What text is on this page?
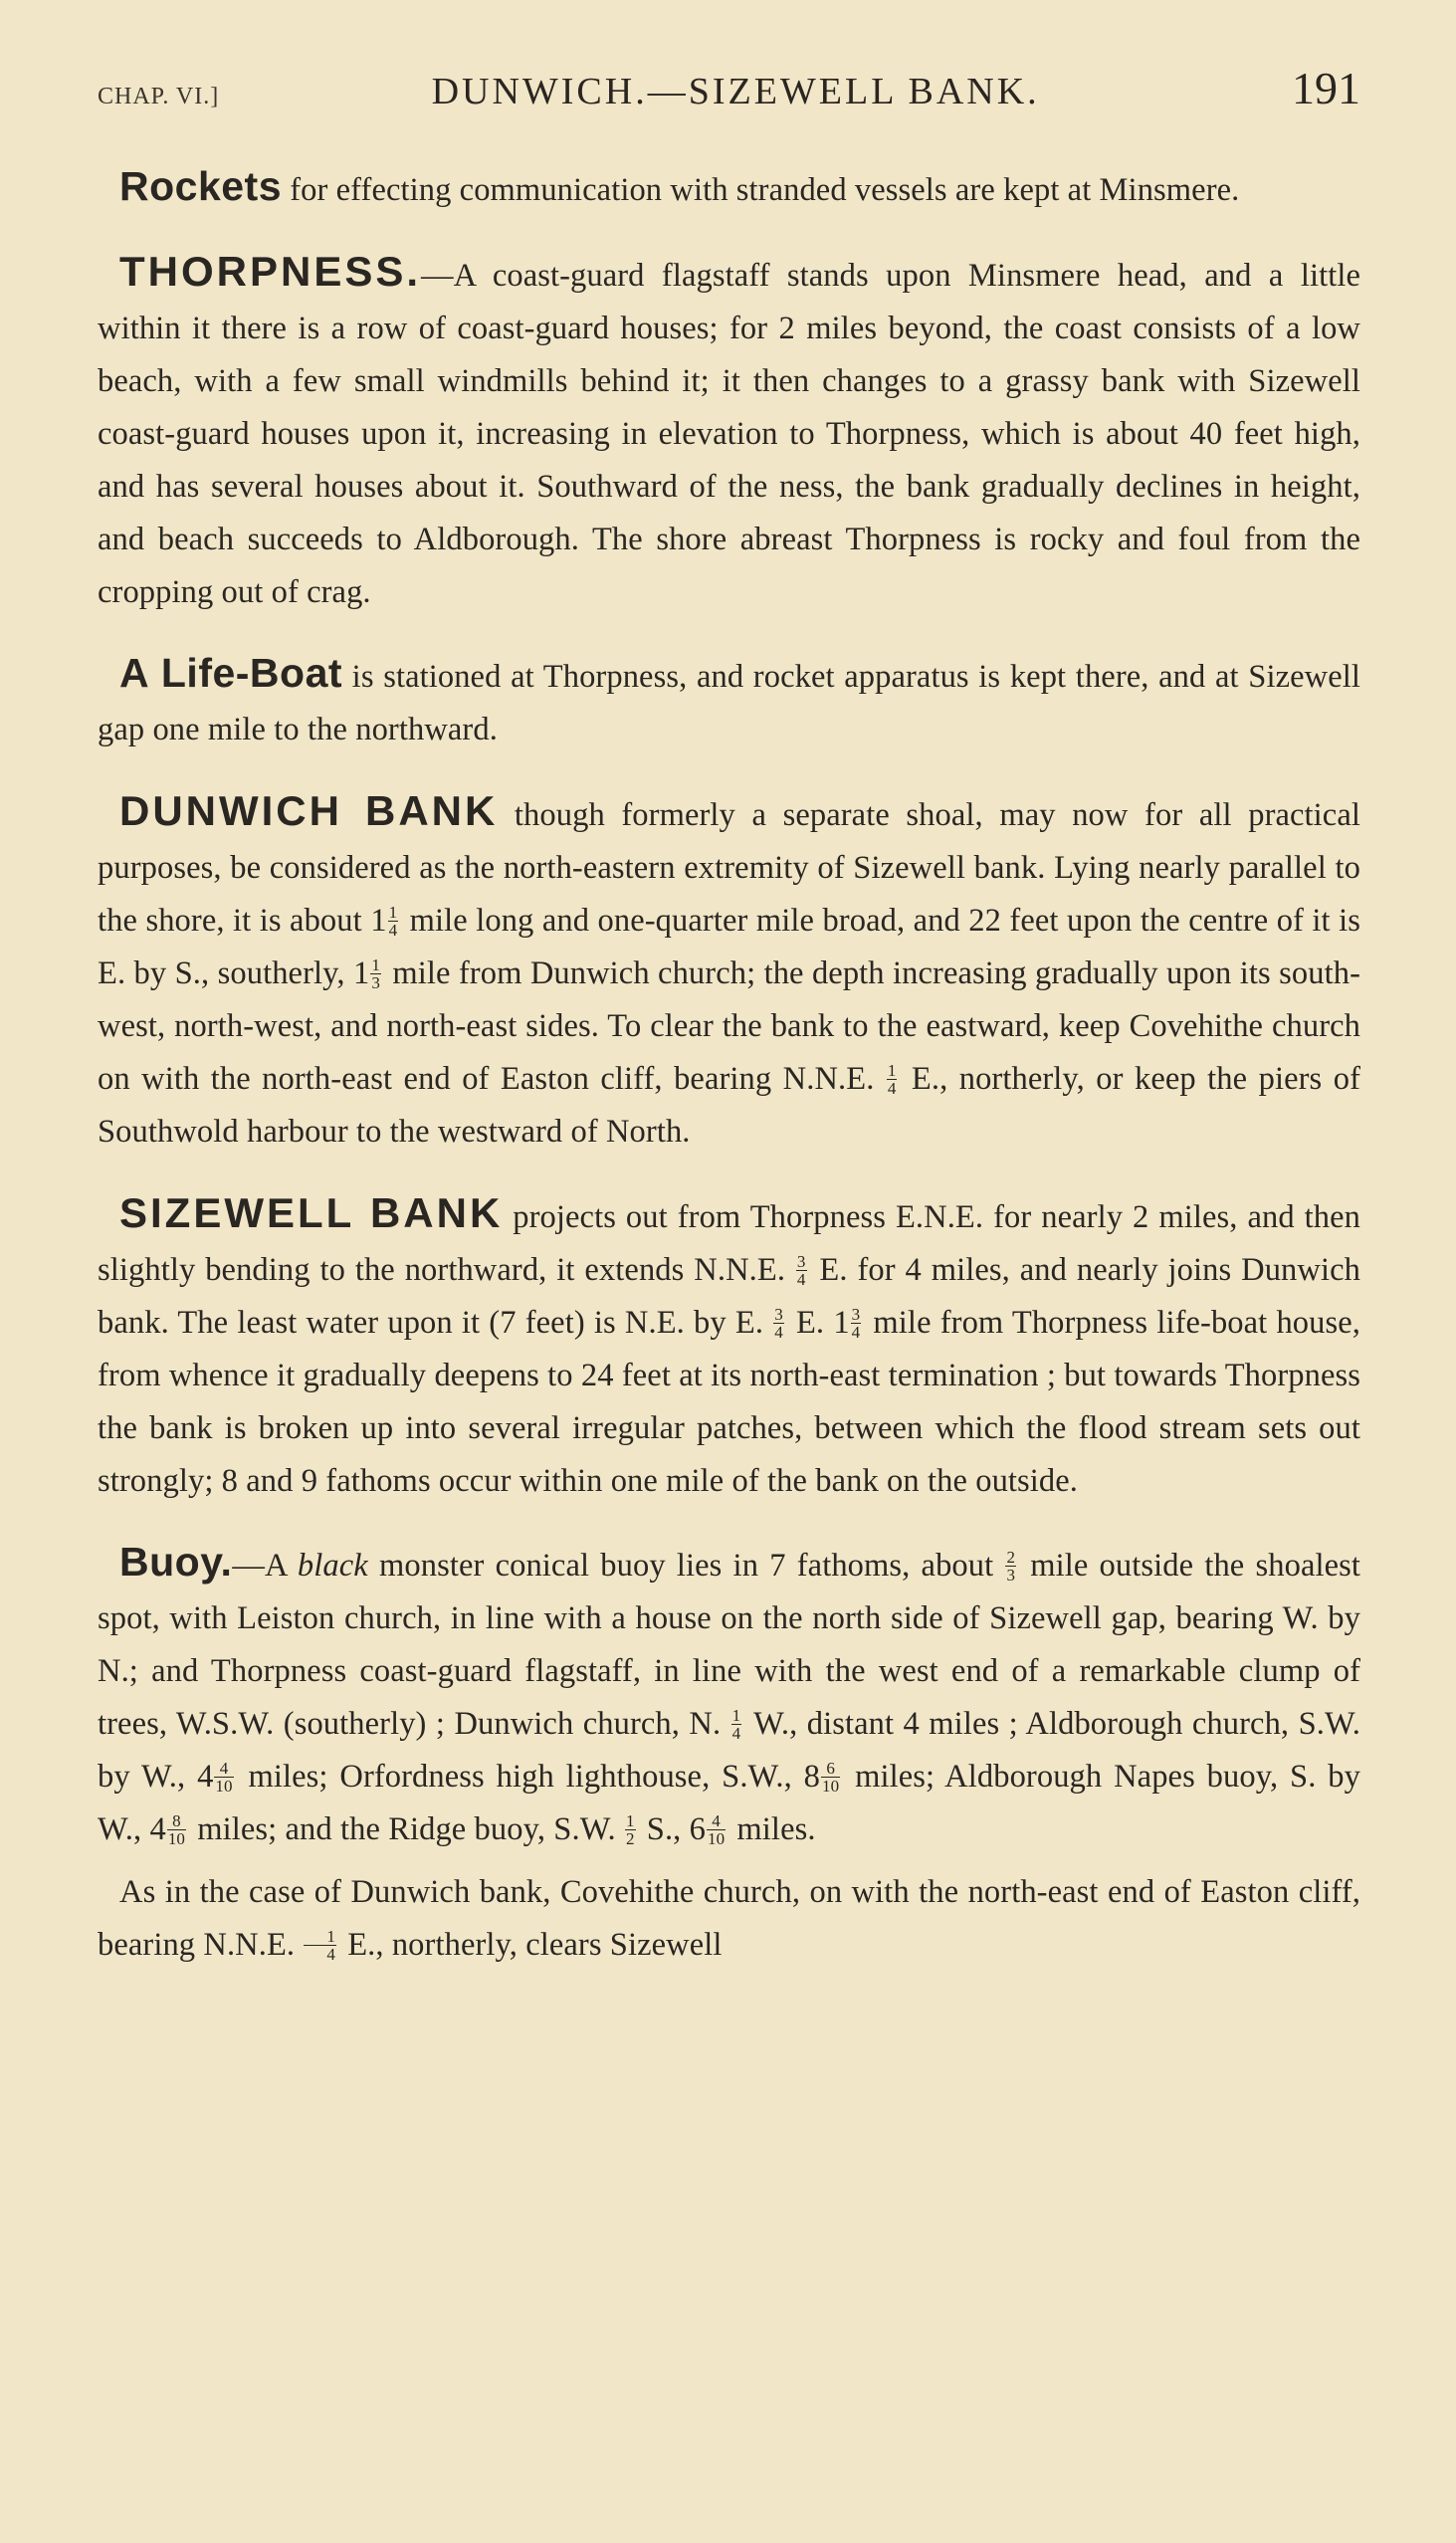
CHAP. VI.]	DUNWICH.—SIZEWELL BANK.	191

Rockets for effecting communication with stranded vessels are kept at Minsmere.

THORPNESS.—A coast-guard flagstaff stands upon Minsmere head, and a little within it there is a row of coast-guard houses; for 2 miles beyond, the coast consists of a low beach, with a few small windmills behind it; it then changes to a grassy bank with Sizewell coast-guard houses upon it, increasing in elevation to Thorpness, which is about 40 feet high, and has several houses about it. Southward of the ness, the bank gradually declines in height, and beach succeeds to Aldborough. The shore abreast Thorpness is rocky and foul from the cropping out of crag.

A Life-Boat is stationed at Thorpness, and rocket apparatus is kept there, and at Sizewell gap one mile to the northward.

DUNWICH BANK though formerly a separate shoal, may now for all practical purposes, be considered as the north-eastern extremity of Sizewell bank. Lying nearly parallel to the shore, it is about $1 \frac{1}{4}$ mile long and one-quarter mile broad, and 22 feet upon the centre of it is E. by S., southerly, $1 \frac{1}{3}$ mile from Dunwich church; the depth increasing gradually upon its south-west, north-west, and north-east sides. To clear the bank to the eastward, keep Covehithe church on with the north-east end of Easton cliff, bearing N.N.E. $\frac{1}{4} E$., northerly, or keep the piers of Southwold harbour to the westward of North.

SIZEWELL BANK projects out from Thorpness E.N.E. for nearly 2 miles, and then slightly bending to the northward, it extends N.N.E. $\frac{3}{4} E$. for 4 miles, and nearly joins Dunwich bank. The least water upon it (7 feet) is N.E. by E. $\frac{3}{4} E$. $1 \frac{3}{4}$ mile from Thorpness life-boat house, from whence it gradually deepens to 24 feet at its north-east termination ; but towards Thorpness the bank is broken up into several irregular patches, between which the flood stream sets out strongly; 8 and 9 fathoms occur within one mile of the bank on the outside.

Buoy.—A black monster conical buoy lies in 7 fathoms, about $\frac{2}{3}$ mile outside the shoalest spot, with Leiston church, in line with a house on the north side of Sizewell gap, bearing W. by N.; and Thorpness coast-guard flagstaff, in line with the west end of a remarkable clump of trees, W.S.W. (southerly) ; Dunwich church, N. $\frac{1}{4} W$., distant 4 miles ; Aldborough church, S.W. by W., $4 \frac{4}{10}$ miles; Orfordness high lighthouse, S.W., $8 \frac{6}{10}$ miles; Aldborough Napes buoy, S. by W., $4 \frac{8}{10}$ miles; and the Ridge buoy, S.W. $\frac{1}{2} S$., $6 \frac{4}{10}$ miles.

As in the case of Dunwich bank, Covehithe church, on with the north-east end of Easton cliff, bearing N.N.E. $\frac{1}{4} E$., northerly, clears Sizewell
